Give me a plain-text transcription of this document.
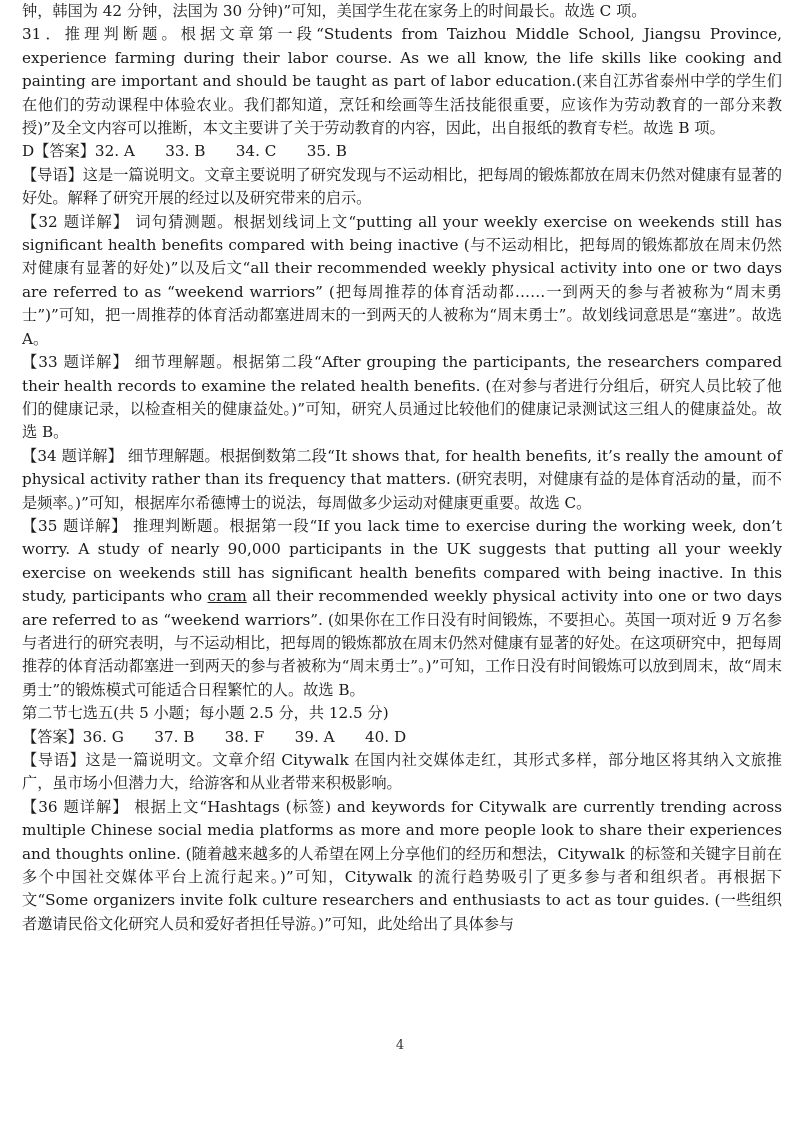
钟，韩国为 42 分钟，法国为 30 分钟)”可知，美国学生花在家务上的时间最长。故选 C 项。

31．推理判断题。根据文章第一段“Students from Taizhou Middle School, Jiangsu Province, experience farming during their labor course. As we all know, the life skills like cooking and painting are important and should be taught as part of labor education.(来自江苏省泰州中学的学生们在他们的劳动课程中体验农业。我们都知道，烹饪和绘画等生活技能很重要，应该作为劳动教育的一部分来教授)”及全文内容可以推断，本文主要讲了关于劳动教育的内容，因此，出自报纸的教育专栏。故选 B 项。

D【答案】32. A　　33. B　　34. C　　35. B

【导语】这是一篇说明文。文章主要说明了研究发现与不运动相比，把每周的锻炼都放在周末仍然对健康有显著的好处。解释了研究开展的经过以及研究带来的启示。

【32 题详解】 词句猜测题。根据划线词上文“putting all your weekly exercise on weekends still has significant health benefits compared with being inactive (与不运动相比，把每周的锻炼都放在周末仍然对健康有显著的好处)”以及后文“all their recommended weekly physical activity into one or two days are referred to as “weekend warriors” (把每周推荐的体育活动都……一到两天的参与者被称为“周末勇士”)”可知，把一周推荐的体育活动都塞进周末的一到两天的人被称为“周末勇士”。故划线词意思是“塞进”。故选 A。

【33 题详解】 细节理解题。根据第二段“After grouping the participants, the researchers compared their health records to examine the related health benefits. (在对参与者进行分组后，研究人员比较了他们的健康记录，以检查相关的健康益处。)”可知，研究人员通过比较他们的健康记录测试这三组人的健康益处。故选 B。

【34 题详解】 细节理解题。根据倒数第二段“It shows that, for health benefits, it’s really the amount of physical activity rather than its frequency that matters. (研究表明，对健康有益的是体育活动的量，而不是频率。)”可知，根据库尔希德博士的说法，每周做多少运动对健康更重要。故选 C。

【35 题详解】 推理判断题。根据第一段“If you lack time to exercise during the working week, don’t worry. A study of nearly 90,000 participants in the UK suggests that putting all your weekly exercise on weekends still has significant health benefits compared with being inactive. In this study, participants who cram all their recommended weekly physical activity into one or two days are referred to as “weekend warriors”. (如果你在工作日没有时间锻炼，不要担心。英国一项对近 9 万名参与者进行的研究表明，与不运动相比，把每周的锻炼都放在周末仍然对健康有显著的好处。在这项研究中，把每周推荐的体育活动都塞进一到两天的参与者被称为“周末勇士”。)”可知，工作日没有时间锻炼可以放到周末，故“周末勇士”的锻炼模式可能适合日程繁忙的人。故选 B。

第二节七选五(共 5 小题；每小题 2.5 分，共 12.5 分)

【答案】36. G　　37. B　　38. F　　39. A　　40. D

【导语】这是一篇说明文。文章介绍 Citywalk 在国内社交媒体走红，其形式多样，部分地区将其纳入文旅推广，虽市场小但潜力大，给游客和从业者带来积极影响。

【36 题详解】 根据上文“Hashtags (标签) and keywords for Citywalk are currently trending across multiple Chinese social media platforms as more and more people look to share their experiences and thoughts online. (随着越来越多的人希望在网上分享他们的经历和想法，Citywalk 的标签和关键字目前在多个中国社交媒体平台上流行起来。)”可知，Citywalk 的流行趋势吸引了更多参与者和组织者。再根据下文“Some organizers invite folk culture researchers and enthusiasts to act as tour guides. (一些组织者邀请民俗文化研究人员和爱好者担任导游。)”可知，此处给出了具体参与

4
